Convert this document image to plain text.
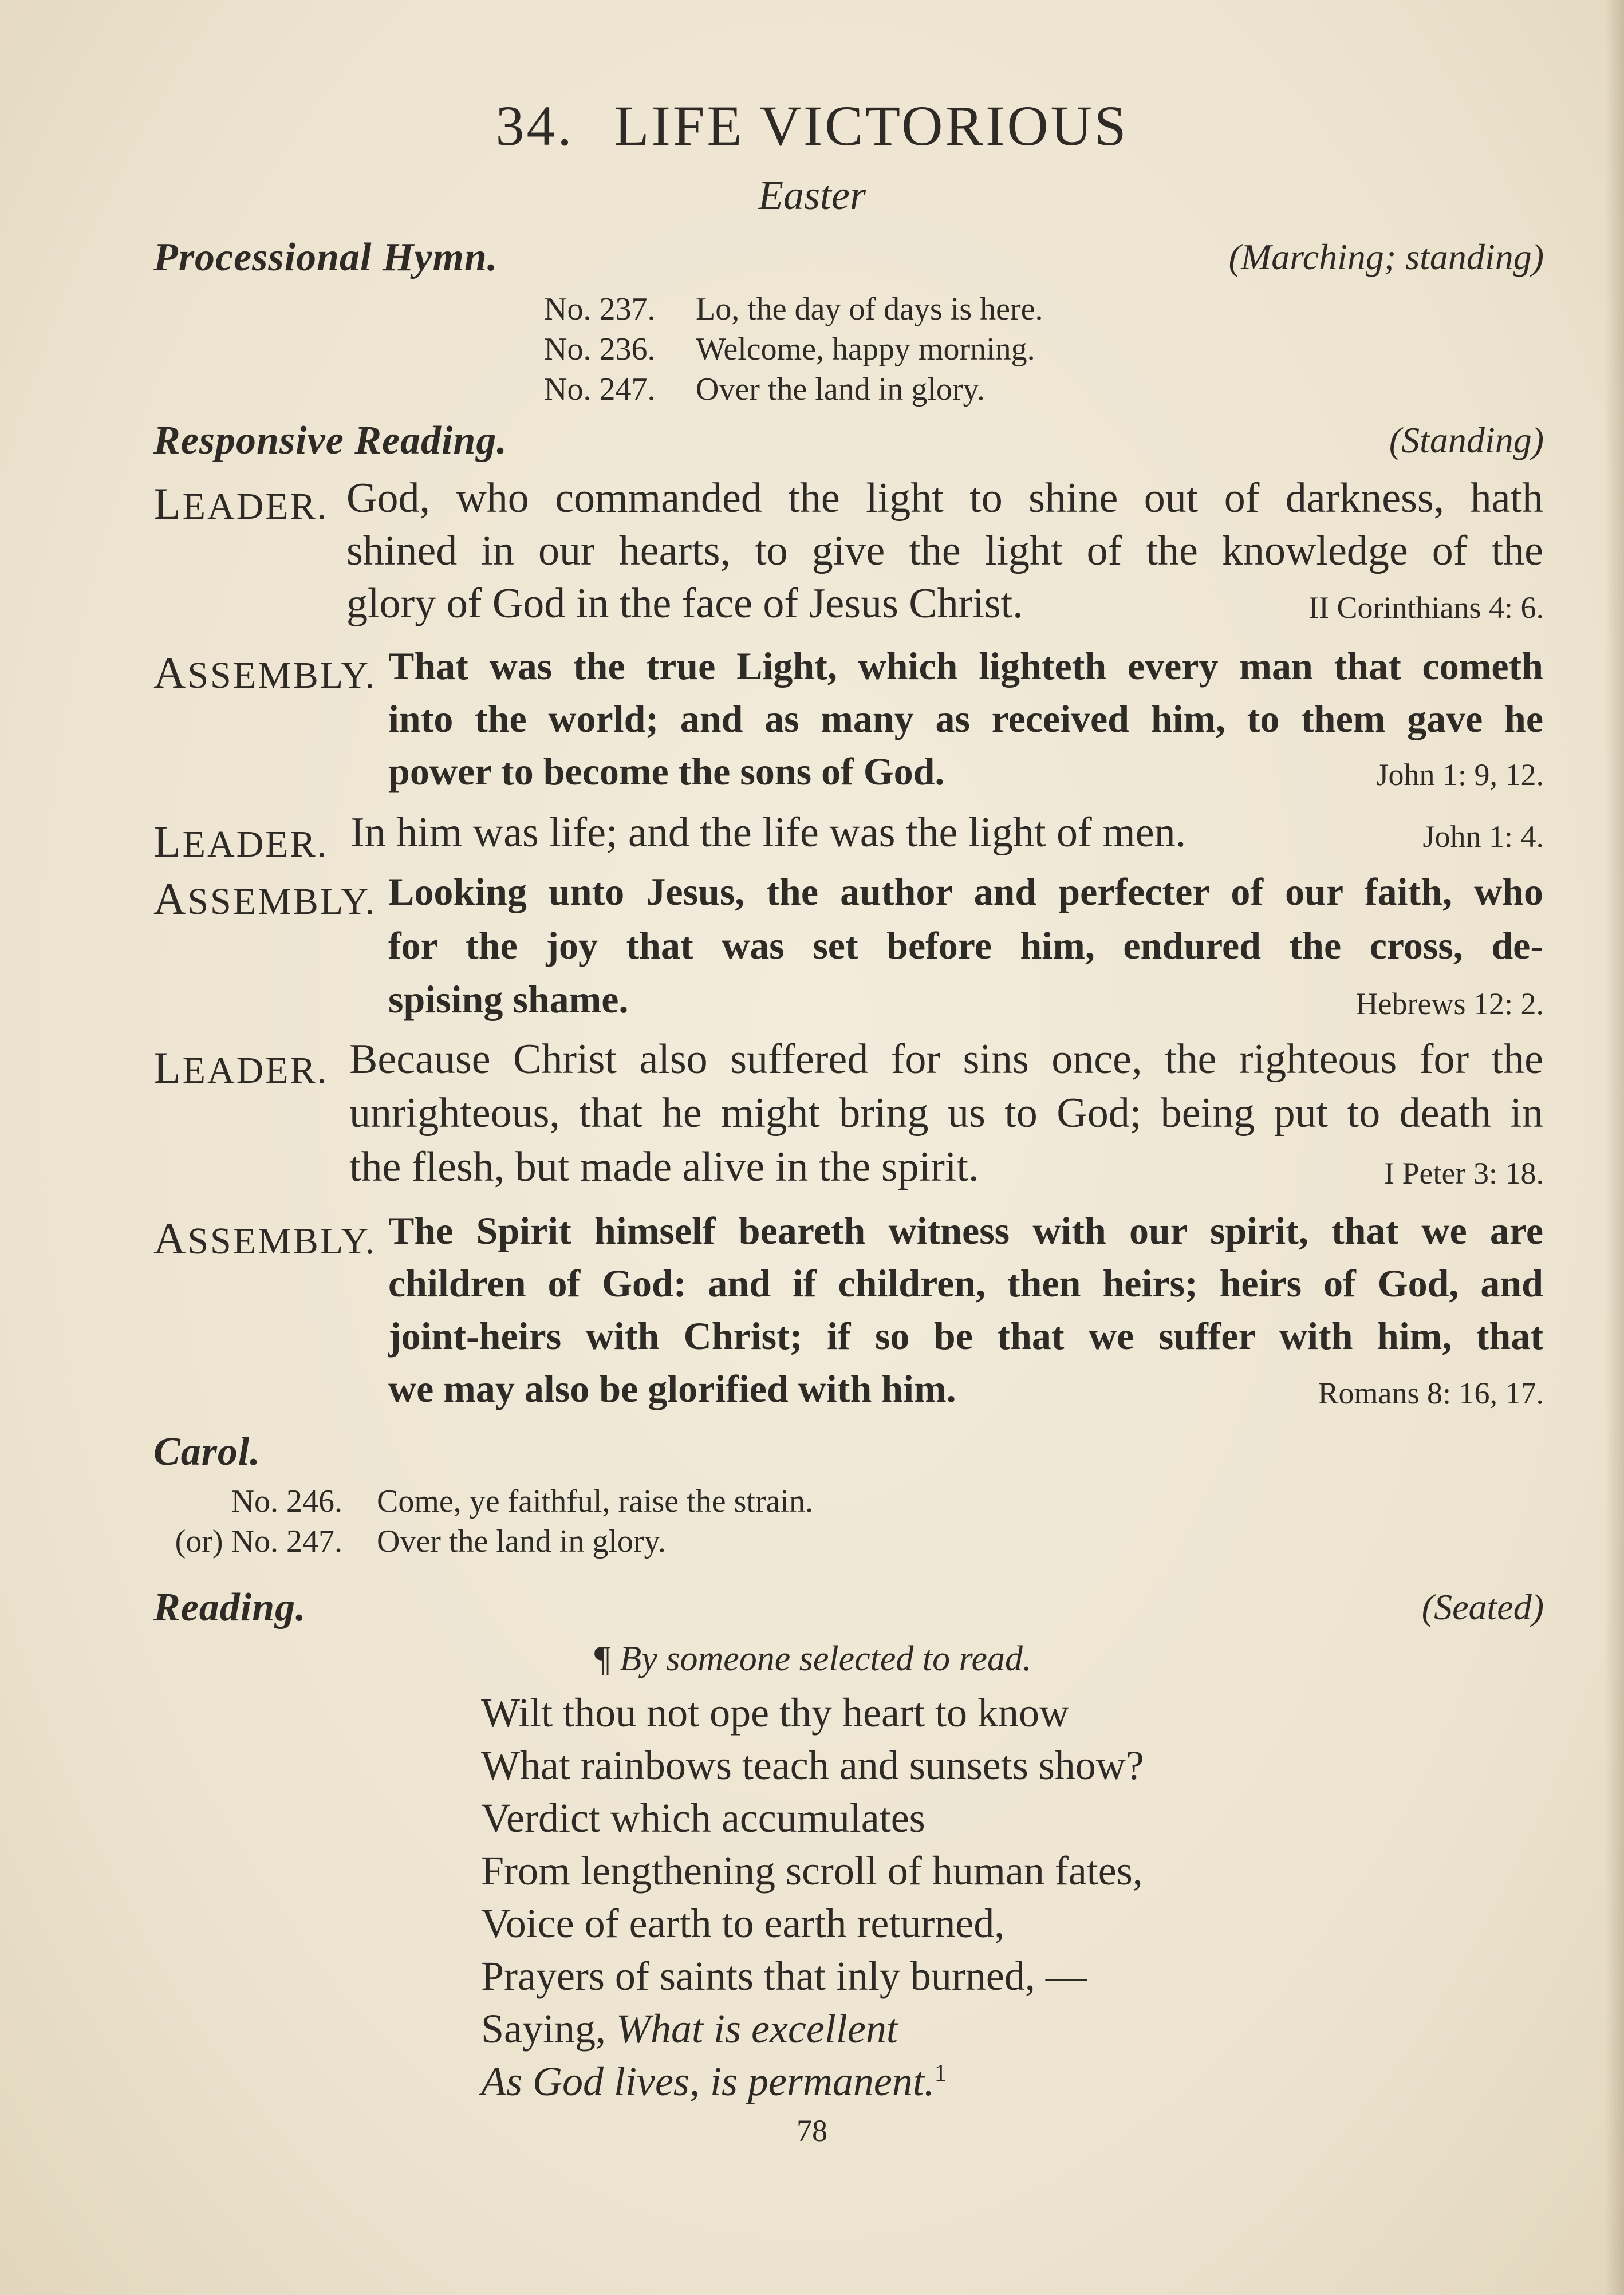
34. LIFE VICTORIOUS
Easter
Processional Hymn.	(Marching; standing)
No. 237. Lo, the day of days is here.
No. 236. Welcome, happy morning.
No. 247. Over the land in glory.
Responsive Reading.	(Standing)
LEADER. God, who commanded the light to shine out of darkness, hath
shined in our hearts, to give the light of the knowledge of the
glory of God in the face of Jesus Christ.	II Corinthians 4: 6.
ASSEMBLY. That was the true Light, which lighteth every man that cometh
into the world; and as many as received him, to them gave he
power to become the sons of God.	John 1: 9, 12.
LEADER. In him was life; and the life was the light of men.	John 1: 4.
ASSEMBLY. Looking unto Jesus, the author and perfecter of our faith, who
for the joy that was set before him, endured the cross, de-
spising shame.	Hebrews 12: 2.
LEADER. Because Christ also suffered for sins once, the righteous for the
unrighteous, that he might bring us to God; being put to death in
the flesh, but made alive in the spirit.	I Peter 3: 18.
ASSEMBLY. The Spirit himself beareth witness with our spirit, that we are
children of God: and if children, then heirs; heirs of God, and
joint-heirs with Christ; if so be that we suffer with him, that
we may also be glorified with him.	Romans 8: 16, 17.
Carol.
No. 246. Come, ye faithful, raise the strain.
(or) No. 247. Over the land in glory.
Reading.	(Seated)
¶ By someone selected to read.
Wilt thou not ope thy heart to know
What rainbows teach and sunsets show?
Verdict which accumulates
From lengthening scroll of human fates,
Voice of earth to earth returned,
Prayers of saints that inly burned, —
Saying, What is excellent
As God lives, is permanent.$^1$
78
